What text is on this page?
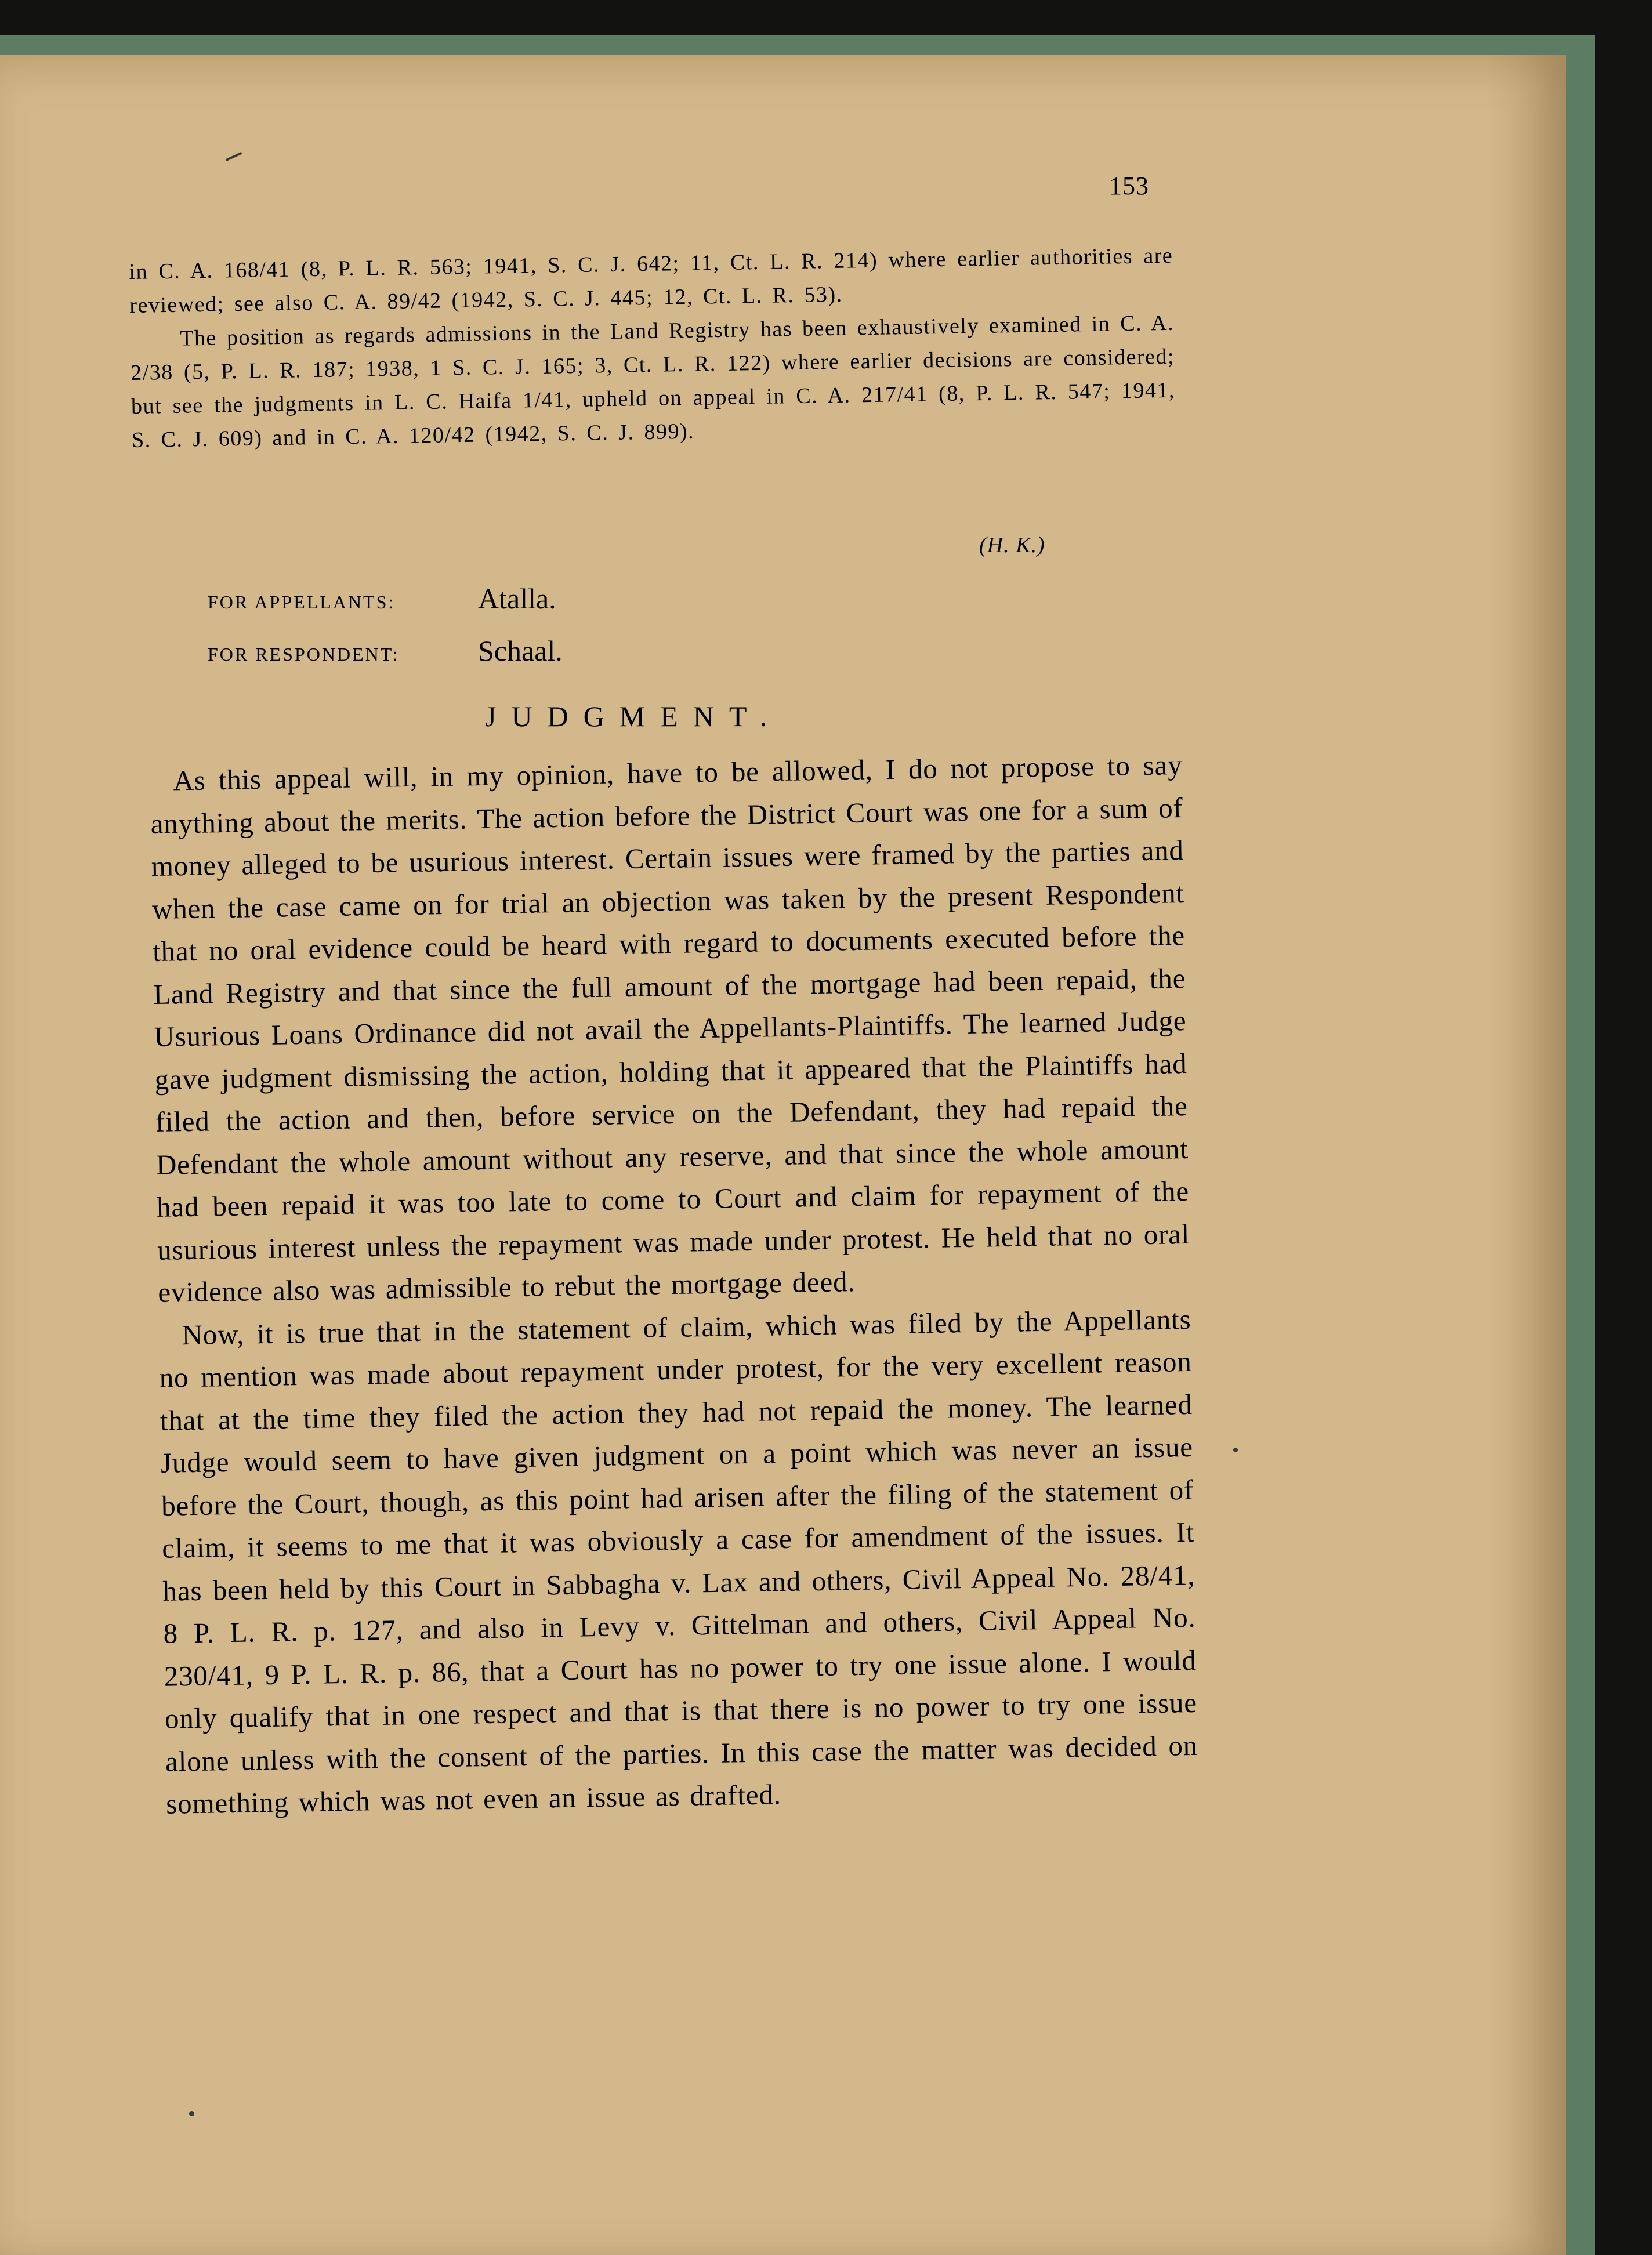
153

in C. A. 168/41 (8, P. L. R. 563; 1941, S. C. J. 642; 11, Ct. L. R. 214) where earlier authorities are reviewed; see also C. A. 89/42 (1942, S. C. J. 445; 12, Ct. L. R. 53).

The position as regards admissions in the Land Registry has been exhaustively examined in C. A. 2/38 (5, P. L. R. 187; 1938, 1 S. C. J. 165; 3, Ct. L. R. 122) where earlier decisions are considered; but see the judgments in L. C. Haifa 1/41, upheld on appeal in C. A. 217/41 (8, P. L. R. 547; 1941, S. C. J. 609) and in C. A. 120/42 (1942, S. C. J. 899).

(H. K.)
FOR APPELLANTS:	Atalla.
FOR RESPONDENT:	Schaal.
JUDGMENT.

As this appeal will, in my opinion, have to be allowed, I do not propose to say anything about the merits. The action before the District Court was one for a sum of money alleged to be usurious interest. Certain issues were framed by the parties and when the case came on for trial an objection was taken by the present Respondent that no oral evidence could be heard with regard to documents executed before the Land Registry and that since the full amount of the mortgage had been repaid, the Usurious Loans Ordinance did not avail the Appellants-Plaintiffs. The learned Judge gave judgment dismissing the action, holding that it appeared that the Plaintiffs had filed the action and then, before service on the Defendant, they had repaid the Defendant the whole amount without any reserve, and that since the whole amount had been repaid it was too late to come to Court and claim for repayment of the usurious interest unless the repayment was made under protest. He held that no oral evidence also was admissible to rebut the mortgage deed.

Now, it is true that in the statement of claim, which was filed by the Appellants no mention was made about repayment under protest, for the very excellent reason that at the time they filed the action they had not repaid the money. The learned Judge would seem to have given judgment on a point which was never an issue before the Court, though, as this point had arisen after the filing of the statement of claim, it seems to me that it was obviously a case for amendment of the issues. It has been held by this Court in Sabbagha v. Lax and others, Civil Appeal No. 28/41, 8 P. L. R. p. 127, and also in Levy v. Gittelman and others, Civil Appeal No. 230/41, 9 P. L. R. p. 86, that a Court has no power to try one issue alone. I would only qualify that in one respect and that is that there is no power to try one issue alone unless with the consent of the parties. In this case the matter was decided on something which was not even an issue as drafted.
